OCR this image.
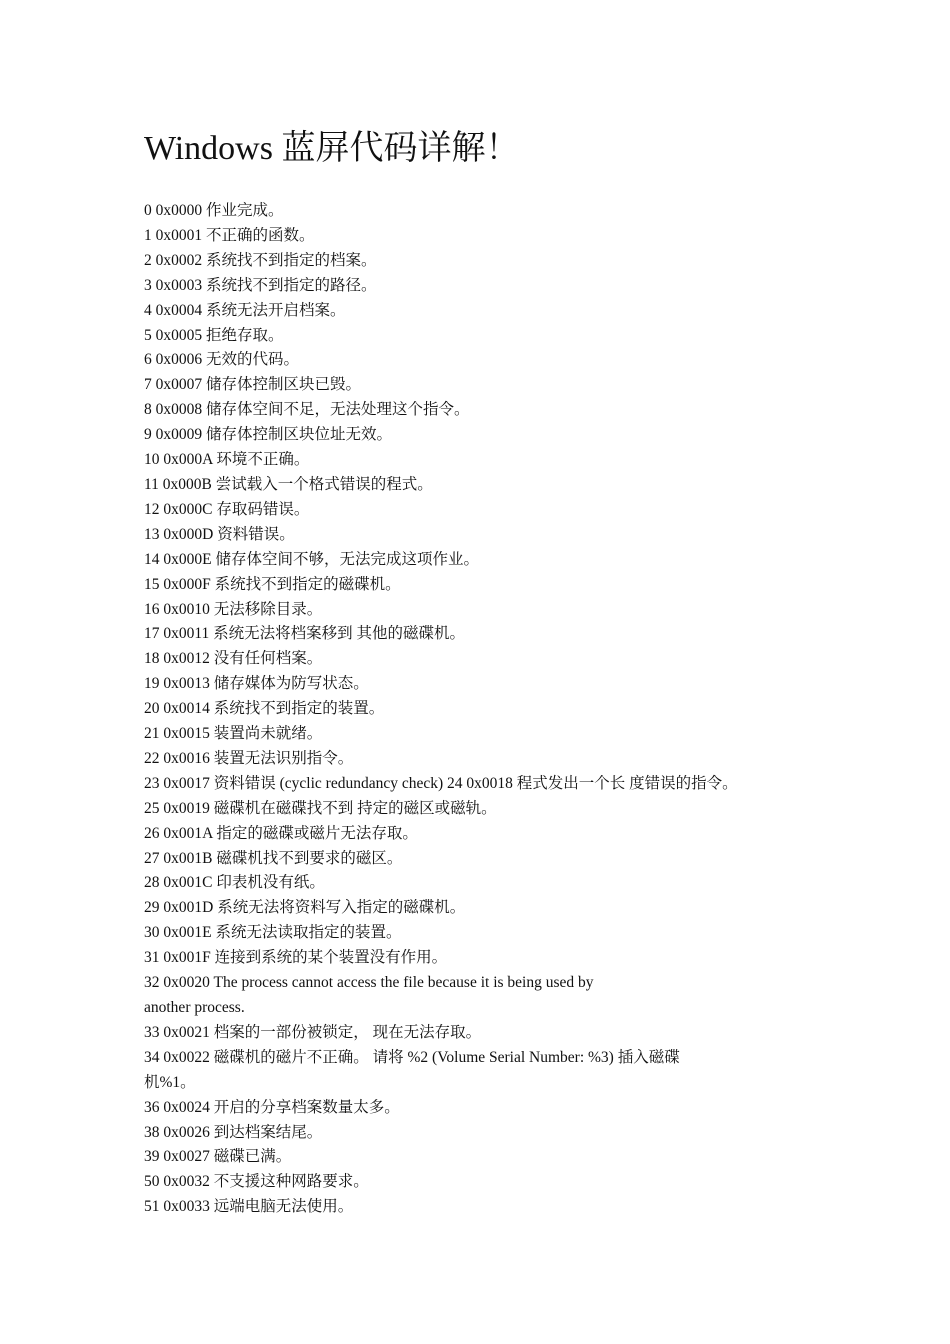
Windows 蓝屏代码详解！
0 0x0000 作业完成。
1 0x0001 不正确的函数。
2 0x0002 系统找不到指定的档案。
3 0x0003 系统找不到指定的路径。
4 0x0004 系统无法开启档案。
5 0x0005 拒绝存取。
6 0x0006 无效的代码。
7 0x0007 储存体控制区块已毁。
8 0x0008 储存体空间不足，无法处理这个指令。
9 0x0009 储存体控制区块位址无效。
10 0x000A 环境不正确。
11 0x000B 尝试载入一个格式错误的程式。
12 0x000C 存取码错误。
13 0x000D 资料错误。
14 0x000E 储存体空间不够，无法完成这项作业。
15 0x000F 系统找不到指定的磁碟机。
16 0x0010 无法移除目录。
17 0x0011 系统无法将档案移到 其他的磁碟机。
18 0x0012 没有任何档案。
19 0x0013 储存媒体为防写状态。
20 0x0014 系统找不到指定的装置。
21 0x0015 装置尚未就绪。
22 0x0016 装置无法识别指令。
23 0x0017 资料错误 (cyclic redundancy check) 24 0x0018 程式发出一个长 度错误的指令。
25 0x0019 磁碟机在磁碟找不到 持定的磁区或磁轨。
26 0x001A 指定的磁碟或磁片无法存取。
27 0x001B 磁碟机找不到要求的磁区。
28 0x001C 印表机没有纸。
29 0x001D 系统无法将资料写入指定的磁碟机。
30 0x001E 系统无法读取指定的装置。
31 0x001F 连接到系统的某个装置没有作用。
32 0x0020 The process cannot access the file because it is being used by
another process.
33 0x0021 档案的一部份被锁定， 现在无法存取。
34 0x0022 磁碟机的磁片不正确。 请将 %2 (Volume Serial Number: %3) 插入磁碟
机%1。
36 0x0024 开启的分享档案数量太多。
38 0x0026 到达档案结尾。
39 0x0027 磁碟已满。
50 0x0032 不支援这种网路要求。
51 0x0033 远端电脑无法使用。
